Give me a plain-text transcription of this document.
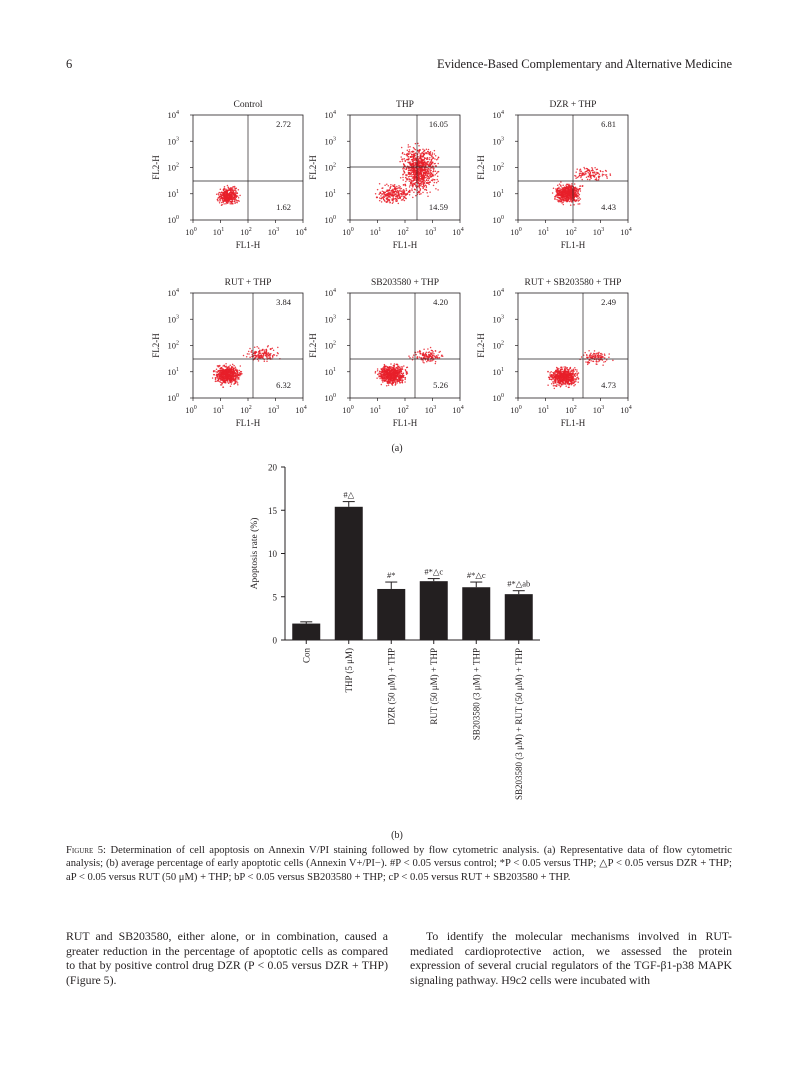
6	Evidence-Based Complementary and Alternative Medicine
Control
2.72
1.62
$10^0$
$10^0$
$10^1$
$10^1$
$10^2$
$10^2$
$10^3$
$10^3$
$10^4$
$10^4$
FL1-H
FL2-H
THP
16.05
14.59
$10^0$
$10^0$
$10^1$
$10^1$
$10^2$
$10^2$
$10^3$
$10^3$
$10^4$
$10^4$
FL1-H
FL2-H
DZR + THP
6.81
4.43
$10^0$
$10^0$
$10^1$
$10^1$
$10^2$
$10^2$
$10^3$
$10^3$
$10^4$
$10^4$
FL1-H
FL2-H
RUT + THP
3.84
6.32
$10^0$
$10^0$
$10^1$
$10^1$
$10^2$
$10^2$
$10^3$
$10^3$
$10^4$
$10^4$
FL1-H
FL2-H
SB203580 + THP
4.20
5.26
$10^0$
$10^0$
$10^1$
$10^1$
$10^2$
$10^2$
$10^3$
$10^3$
$10^4$
$10^4$
FL1-H
FL2-H
RUT + SB203580 + THP
2.49
4.73
$10^0$
$10^0$
$10^1$
$10^1$
$10^2$
$10^2$
$10^3$
$10^3$
$10^4$
$10^4$
FL1-H
FL2-H
(a)
0
5
10
15
20
Apoptosis rate (%)
Con
#△
THP (5 μM)
#*
DZR (50 μM) + THP
#*△c
RUT (50 μM) + THP
#*△c
SB203580 (3 μM) + THP
#*△ab
SB203580 (3 μM) + RUT (50 μM) + THP
(b)
Figure 5: Determination of cell apoptosis on Annexin V/PI staining followed by flow cytometric analysis. (a) Representative data of flow cytometric analysis; (b) average percentage of early apoptotic cells (Annexin V+/PI−). #P < 0.05 versus control; *P < 0.05 versus THP; △P < 0.05 versus DZR + THP; aP < 0.05 versus RUT (50 μM) + THP; bP < 0.05 versus SB203580 + THP; cP < 0.05 versus RUT + SB203580 + THP.
RUT and SB203580, either alone, or in combination, caused a greater reduction in the percentage of apoptotic cells as compared to that by positive control drug DZR (P < 0.05 versus DZR + THP) (Figure 5).
To identify the molecular mechanisms involved in RUT-mediated cardioprotective action, we assessed the protein expression of several crucial regulators of the TGF-β1-p38 MAPK signaling pathway. H9c2 cells were incubated with
